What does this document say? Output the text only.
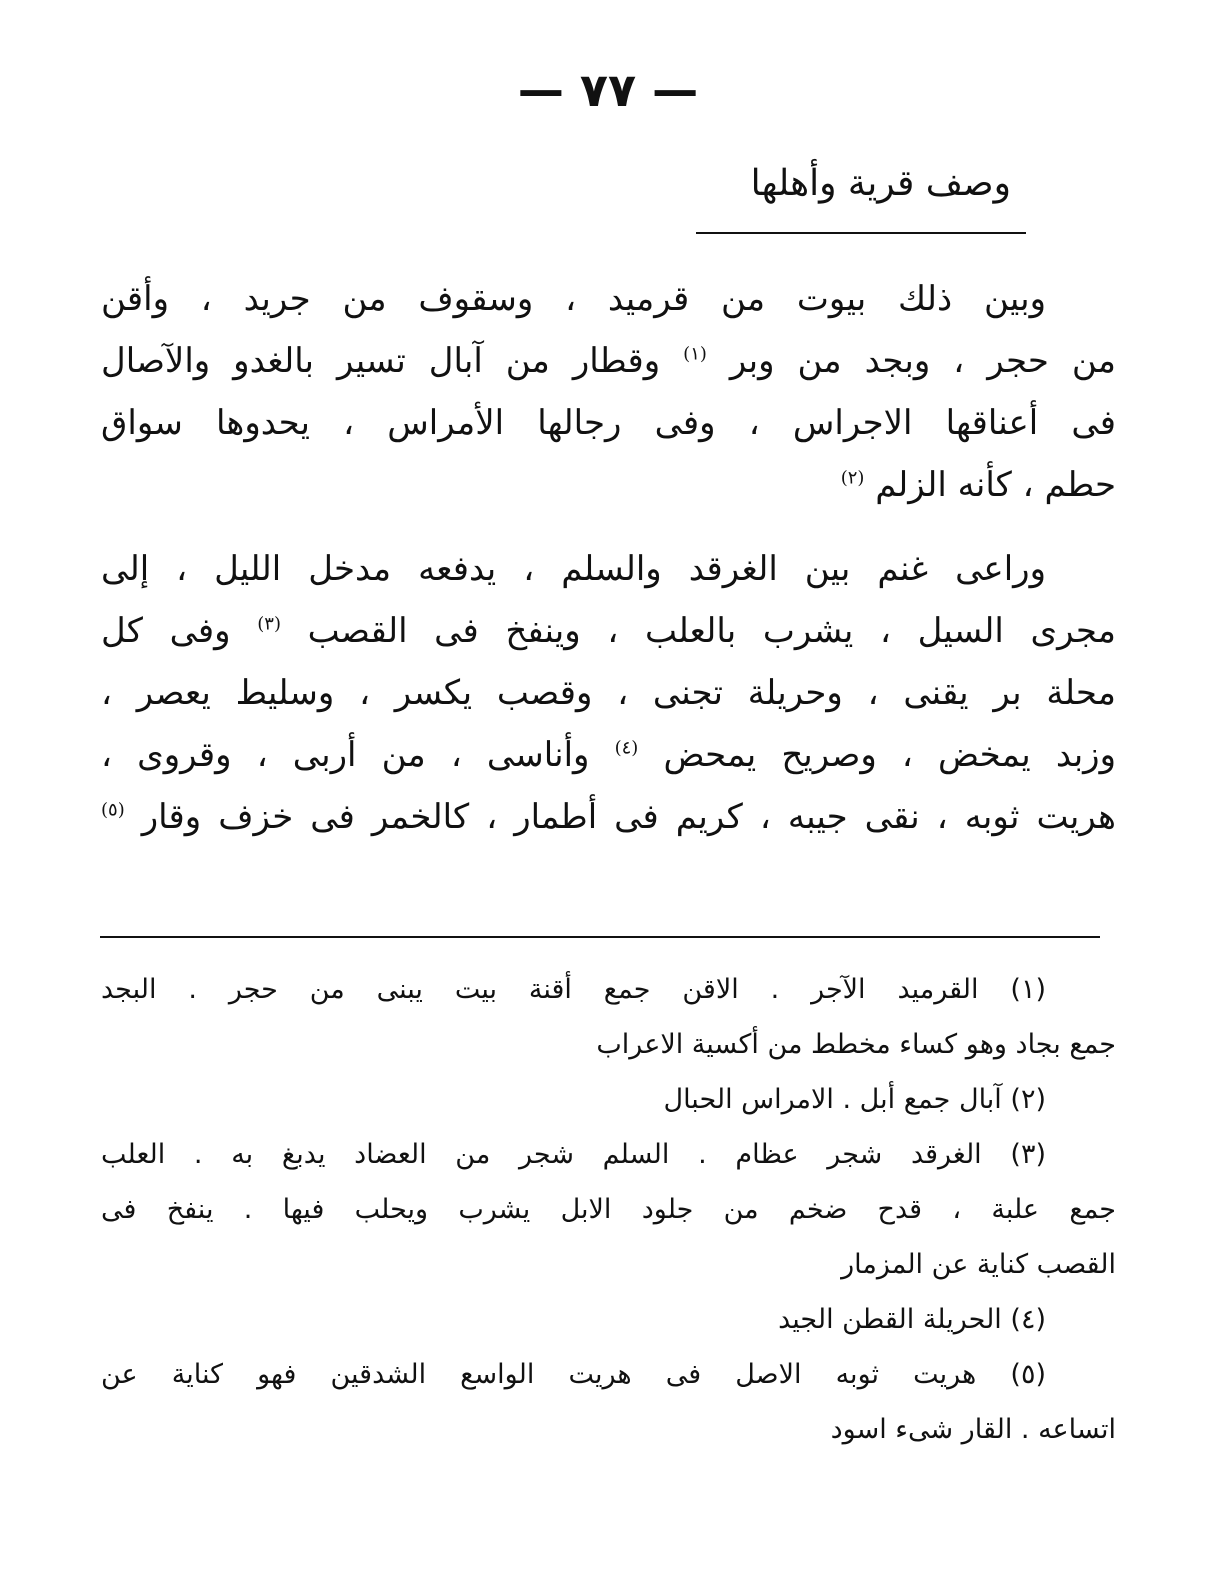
— ٧٧ —
وصف قرية وأهلها
وبين ذلك بيوت من قرميد ، وسقوف من جريد ، وأقن
من حجر ، وبجد من وبر $^{(١)}$ وقطار من آبال تسير بالغدو والآصال
فى أعناقها الاجراس ، وفى رجالها الأمراس ، يحدوها سواق
حطم ، كأنه الزلم $^{(٢)}$
وراعى غنم بين الغرقد والسلم ، يدفعه مدخل الليل ، إلى
مجرى السيل ، يشرب بالعلب ، وينفخ فى القصب $^{(٣)}$ وفى كل
محلة بر يقنى ، وحريلة تجنى ، وقصب يكسر ، وسليط يعصر ،
وزبد يمخض ، وصريح يمحض $^{(٤)}$ وأناسى ، من أربى ، وقروى ،
هريت ثوبه ، نقى جيبه ، كريم فى أطمار ، كالخمر فى خزف وقار $^{(٥)}$
(١) القرميد الآجر . الاقن جمع أقنة بيت يبنى من حجر . البجد
جمع بجاد وهو كساء مخطط من أكسية الاعراب
(٢) آبال جمع أبل . الامراس الحبال
(٣) الغرقد شجر عظام . السلم شجر من العضاد يدبغ به . العلب
جمع علبة ، قدح ضخم من جلود الابل يشرب ويحلب فيها . ينفخ فى
القصب كناية عن المزمار
(٤) الحريلة القطن الجيد
(٥) هريت ثوبه الاصل فى هريت الواسع الشدقين فهو كناية عن
اتساعه . القار شىء اسود
